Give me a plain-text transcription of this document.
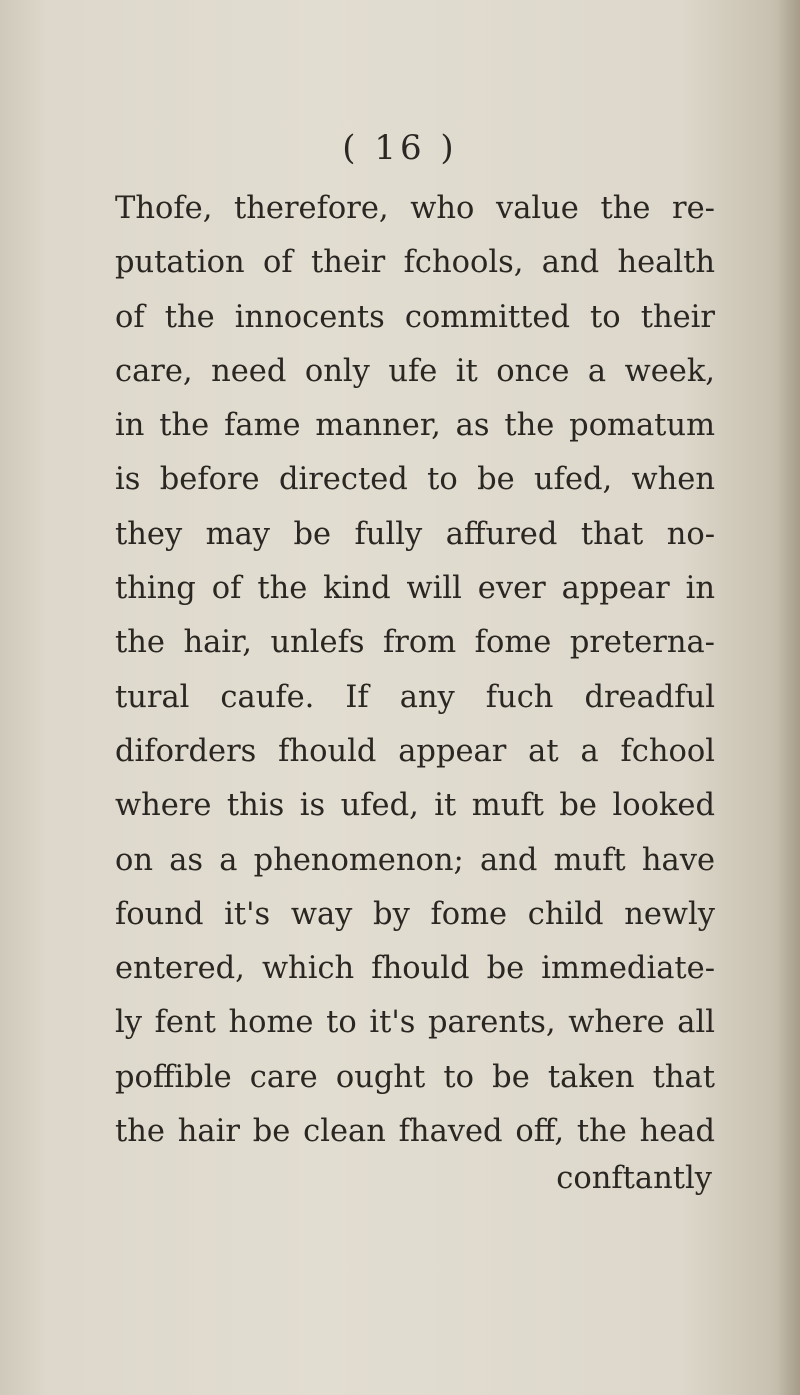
( 16 )
Thofe, therefore, who value the re-
putation of their fchools, and health
of the innocents committed to their
care, need only ufe it once a week,
in the fame manner, as the pomatum
is before directed to be ufed, when
they may be fully affured that no-
thing of the kind will ever appear in
the hair, unlefs from fome preterna-
tural caufe. If any fuch dreadful
diforders fhould appear at a fchool
where this is ufed, it muft be looked
on as a phenomenon; and muft have
found it's way by fome child newly
entered, which fhould be immediate-
ly fent home to it's parents, where all
poffible care ought to be taken that
the hair be clean fhaved off, the head
conftantly
